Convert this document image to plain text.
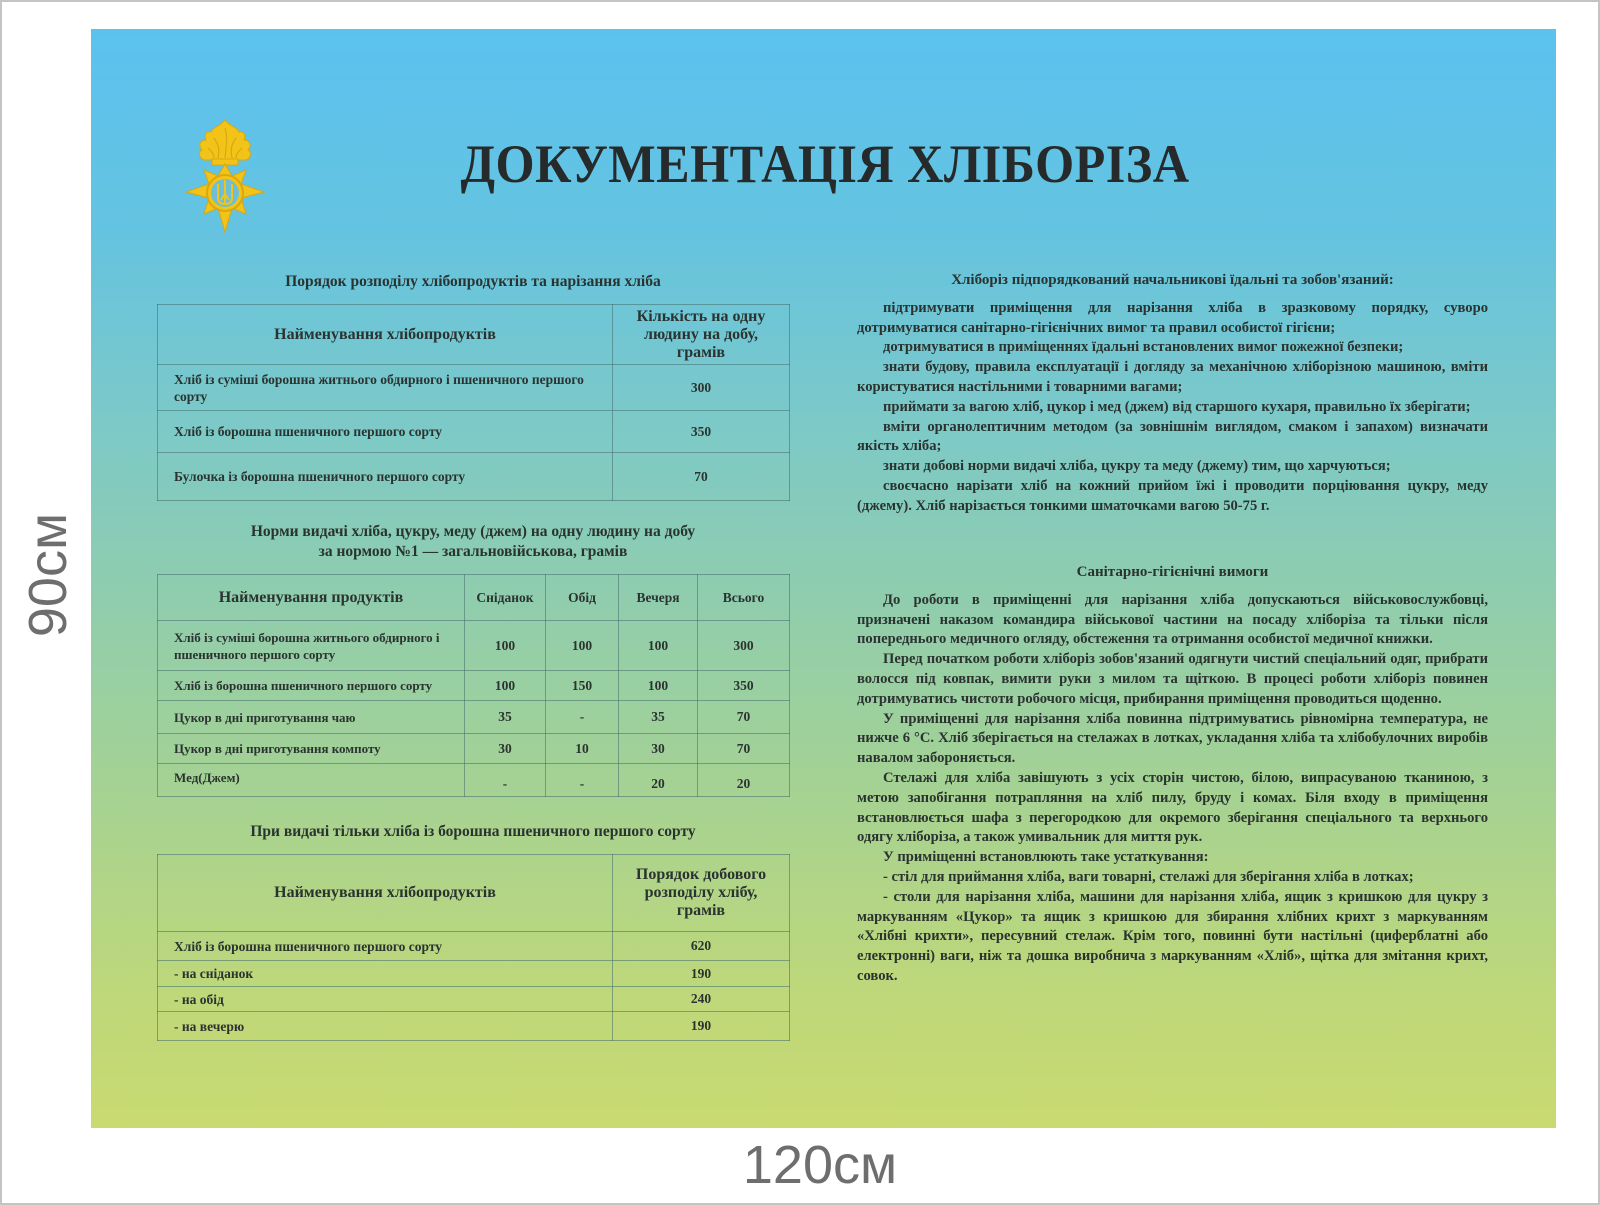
ДОКУМЕНТАЦІЯ ХЛІБОРІЗА
Порядок розподілу хлібопродуктів та нарізання хліба
Найменування хлібопродуктів	Кількість на одну людину на добу, грамів
Хліб із суміші борошна житнього обдирного і пшеничного першого сорту	300
Хліб із борошна пшеничного першого сорту	350
Булочка із борошна пшеничного першого сорту	70
Норми видачі хліба, цукру, меду (джем) на одну людину на добу
за нормою №1 — загальновійськова, грамів
Найменування продуктів	Сніданок	Обід	Вечеря	Всього
Хліб із суміші борошна житнього обдирного і пшеничного першого сорту	100	100	100	300
Хліб із борошна пшеничного першого сорту	100	150	100	350
Цукор в дні приготування чаю	35	-	35	70
Цукор в дні приготування компоту	30	10	30	70
Мед(Джем)	-	-	20	20
При видачі тільки хліба із борошна пшеничного першого сорту
Найменування хлібопродуктів	Порядок добового розподілу хлібу, грамів
Хліб із борошна пшеничного першого сорту	620
- на сніданок	190
- на обід	240
- на вечерю	190
Хліборіз підпорядкований начальникові їдальні та зобов'язаний:

підтримувати приміщення для нарізання хліба в зразковому порядку, суворо дотримуватися санітарно-гігієнічних вимог та правил особистої гігієни;

дотримуватися в приміщеннях їдальні встановлених вимог пожежної безпеки;

знати будову, правила експлуатації і догляду за механічною хліборізною машиною, вміти користуватися настільними і товарними вагами;

приймати за вагою хліб, цукор і мед (джем) від старшого кухаря, правильно їх зберігати;

вміти органолептичним методом (за зовнішнім виглядом, смаком і запахом) визначати якість хліба;

знати добові норми видачі хліба, цукру та меду (джему) тим, що харчуються;

своєчасно нарізати хліб на кожний прийом їжі і проводити порціювання цукру, меду (джему). Хліб нарізається тонкими шматочками вагою 50-75 г.

Санітарно-гігієнічні вимоги

До роботи в приміщенні для нарізання хліба допускаються військовослужбовці, призначені наказом командира військової частини на посаду хліборіза та тільки після попереднього медичного огляду, обстеження та отримання особистої медичної книжки.

Перед початком роботи хліборіз зобов'язаний одягнути чистий спеціальний одяг, прибрати волосся під ковпак, вимити руки з милом та щіткою. В процесі роботи хліборіз повинен дотримуватись чистоти робочого місця, прибирання приміщення проводиться щоденно.

У приміщенні для нарізання хліба повинна підтримуватись рівномірна температура, не нижче 6 °C. Хліб зберігається на стелажах в лотках, укладання хліба та хлібобулочних виробів навалом забороняється.

Стелажі для хліба завішують з усіх сторін чистою, білою, випрасуваною тканиною, з метою запобігання потрапляння на хліб пилу, бруду і комах. Біля входу в приміщення встановлюється шафа з перегородкою для окремого зберігання спеціального та верхнього одягу хліборіза, а також умивальник для миття рук.

У приміщенні встановлюють таке устаткування:

- стіл для приймання хліба, ваги товарні, стелажі для зберігання хліба в лотках;

- столи для нарізання хліба, машини для нарізання хліба, ящик з кришкою для цукру з маркуванням «Цукор» та ящик з кришкою для збирання хлібних крихт з маркуванням «Хлібні крихти», пересувний стелаж. Крім того, повинні бути настільні (циферблатні або електронні) ваги, ніж та дошка виробнича з маркуванням «Хліб», щітка для змітання крихт, совок.

120см
90см
